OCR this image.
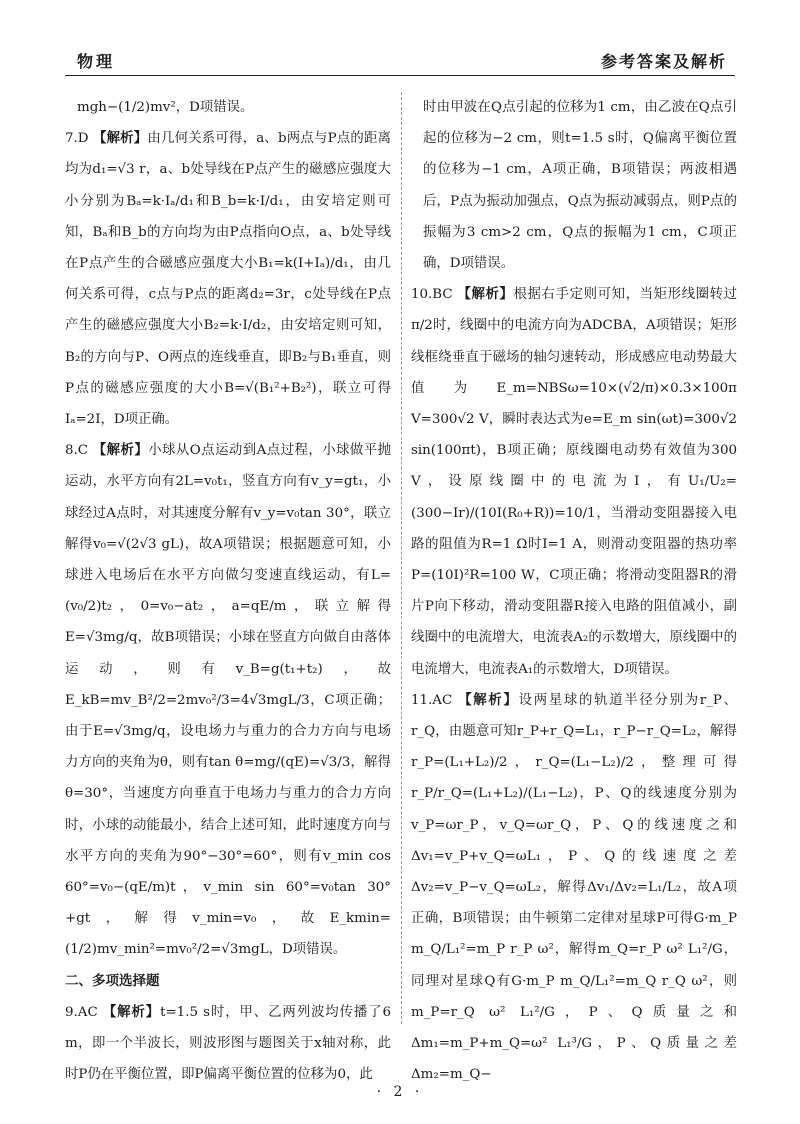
物理	参考答案及解析

mgh−(1/2)mv²，D项错误。

7.D 【解析】由几何关系可得，a、b两点与P点的距离均为d₁=√3 r，a、b处导线在P点产生的磁感应强度大小分别为Bₐ=k·Iₐ/d₁和B_b=k·I/d₁，由安培定则可知，Bₐ和B_b的方向均为由P点指向O点，a、b处导线在P点产生的合磁感应强度大小B₁=k(I+Iₐ)/d₁，由几何关系可得，c点与P点的距离d₂=3r，c处导线在P点产生的磁感应强度大小B₂=k·I/d₂，由安培定则可知，B₂的方向与P、O两点的连线垂直，即B₂与B₁垂直，则P点的磁感应强度的大小B=√(B₁²+B₂²)，联立可得Iₐ=2I，D项正确。

8.C 【解析】小球从O点运动到A点过程，小球做平抛运动，水平方向有2L=v₀t₁，竖直方向有v_y=gt₁，小球经过A点时，对其速度分解有v_y=v₀tan 30°，联立解得v₀=√(2√3 gL)，故A项错误；根据题意可知，小球进入电场后在水平方向做匀变速直线运动，有L=(v₀/2)t₂，0=v₀−at₂，a=qE/m，联立解得E=√3mg/q，故B项错误；小球在竖直方向做自由落体运动，则有v_B=g(t₁+t₂)，故E_kB=mv_B²/2=2mv₀²/3=4√3mgL/3，C项正确；由于E=√3mg/q，设电场力与重力的合力方向与电场力方向的夹角为θ，则有tan θ=mg/(qE)=√3/3，解得θ=30°，当速度方向垂直于电场力与重力的合力方向时，小球的动能最小，结合上述可知，此时速度方向与水平方向的夹角为90°−30°=60°，则有v_min cos 60°=v₀−(qE/m)t，v_min sin 60°=v₀tan 30°+gt，解得v_min=v₀，故E_kmin=(1/2)mv_min²=mv₀²/2=√3mgL，D项错误。

二、多项选择题

9.AC 【解析】t=1.5 s时，甲、乙两列波均传播了6 m，即一个半波长，则波形图与题图关于x轴对称，此时P仍在平衡位置，即P偏离平衡位置的位移为0，此

时由甲波在Q点引起的位移为1 cm，由乙波在Q点引起的位移为−2 cm，则t=1.5 s时，Q偏离平衡位置的位移为−1 cm，A项正确，B项错误；两波相遇后，P点为振动加强点，Q点为振动减弱点，则P点的振幅为3 cm>2 cm，Q点的振幅为1 cm，C项正确，D项错误。

10.BC 【解析】根据右手定则可知，当矩形线圈转过π/2时，线圈中的电流方向为ADCBA，A项错误；矩形线框绕垂直于磁场的轴匀速转动，形成感应电动势最大值为E_m=NBSω=10×(√2/π)×0.3×100π V=300√2 V，瞬时表达式为e=E_m sin(ωt)=300√2 sin(100πt)，B项正确；原线圈电动势有效值为300 V，设原线圈中的电流为I，有U₁/U₂=(300−Ir)/(10I(R₀+R))=10/1，当滑动变阻器接入电路的阻值为R=1 Ω时I=1 A，则滑动变阻器的热功率P=(10I)²R=100 W，C项正确；将滑动变阻器R的滑片P向下移动，滑动变阻器R接入电路的阻值减小，副线圈中的电流增大，电流表A₂的示数增大，原线圈中的电流增大，电流表A₁的示数增大，D项错误。

11.AC 【解析】设两星球的轨道半径分别为r_P、r_Q，由题意可知r_P+r_Q=L₁，r_P−r_Q=L₂，解得r_P=(L₁+L₂)/2，r_Q=(L₁−L₂)/2，整理可得r_P/r_Q=(L₁+L₂)/(L₁−L₂)，P、Q的线速度分别为v_P=ωr_P，v_Q=ωr_Q，P、Q的线速度之和Δv₁=v_P+v_Q=ωL₁，P、Q的线速度之差Δv₂=v_P−v_Q=ωL₂，解得Δv₁/Δv₂=L₁/L₂，故A项正确，B项错误；由牛顿第二定律对星球P可得G·m_P m_Q/L₁²=m_P r_P ω²，解得m_Q=r_P ω² L₁²/G，同理对星球Q有G·m_P m_Q/L₁²=m_Q r_Q ω²，则m_P=r_Q ω² L₁²/G，P、Q质量之和Δm₁=m_P+m_Q=ω² L₁³/G，P、Q质量之差Δm₂=m_Q−

· 2 ·
